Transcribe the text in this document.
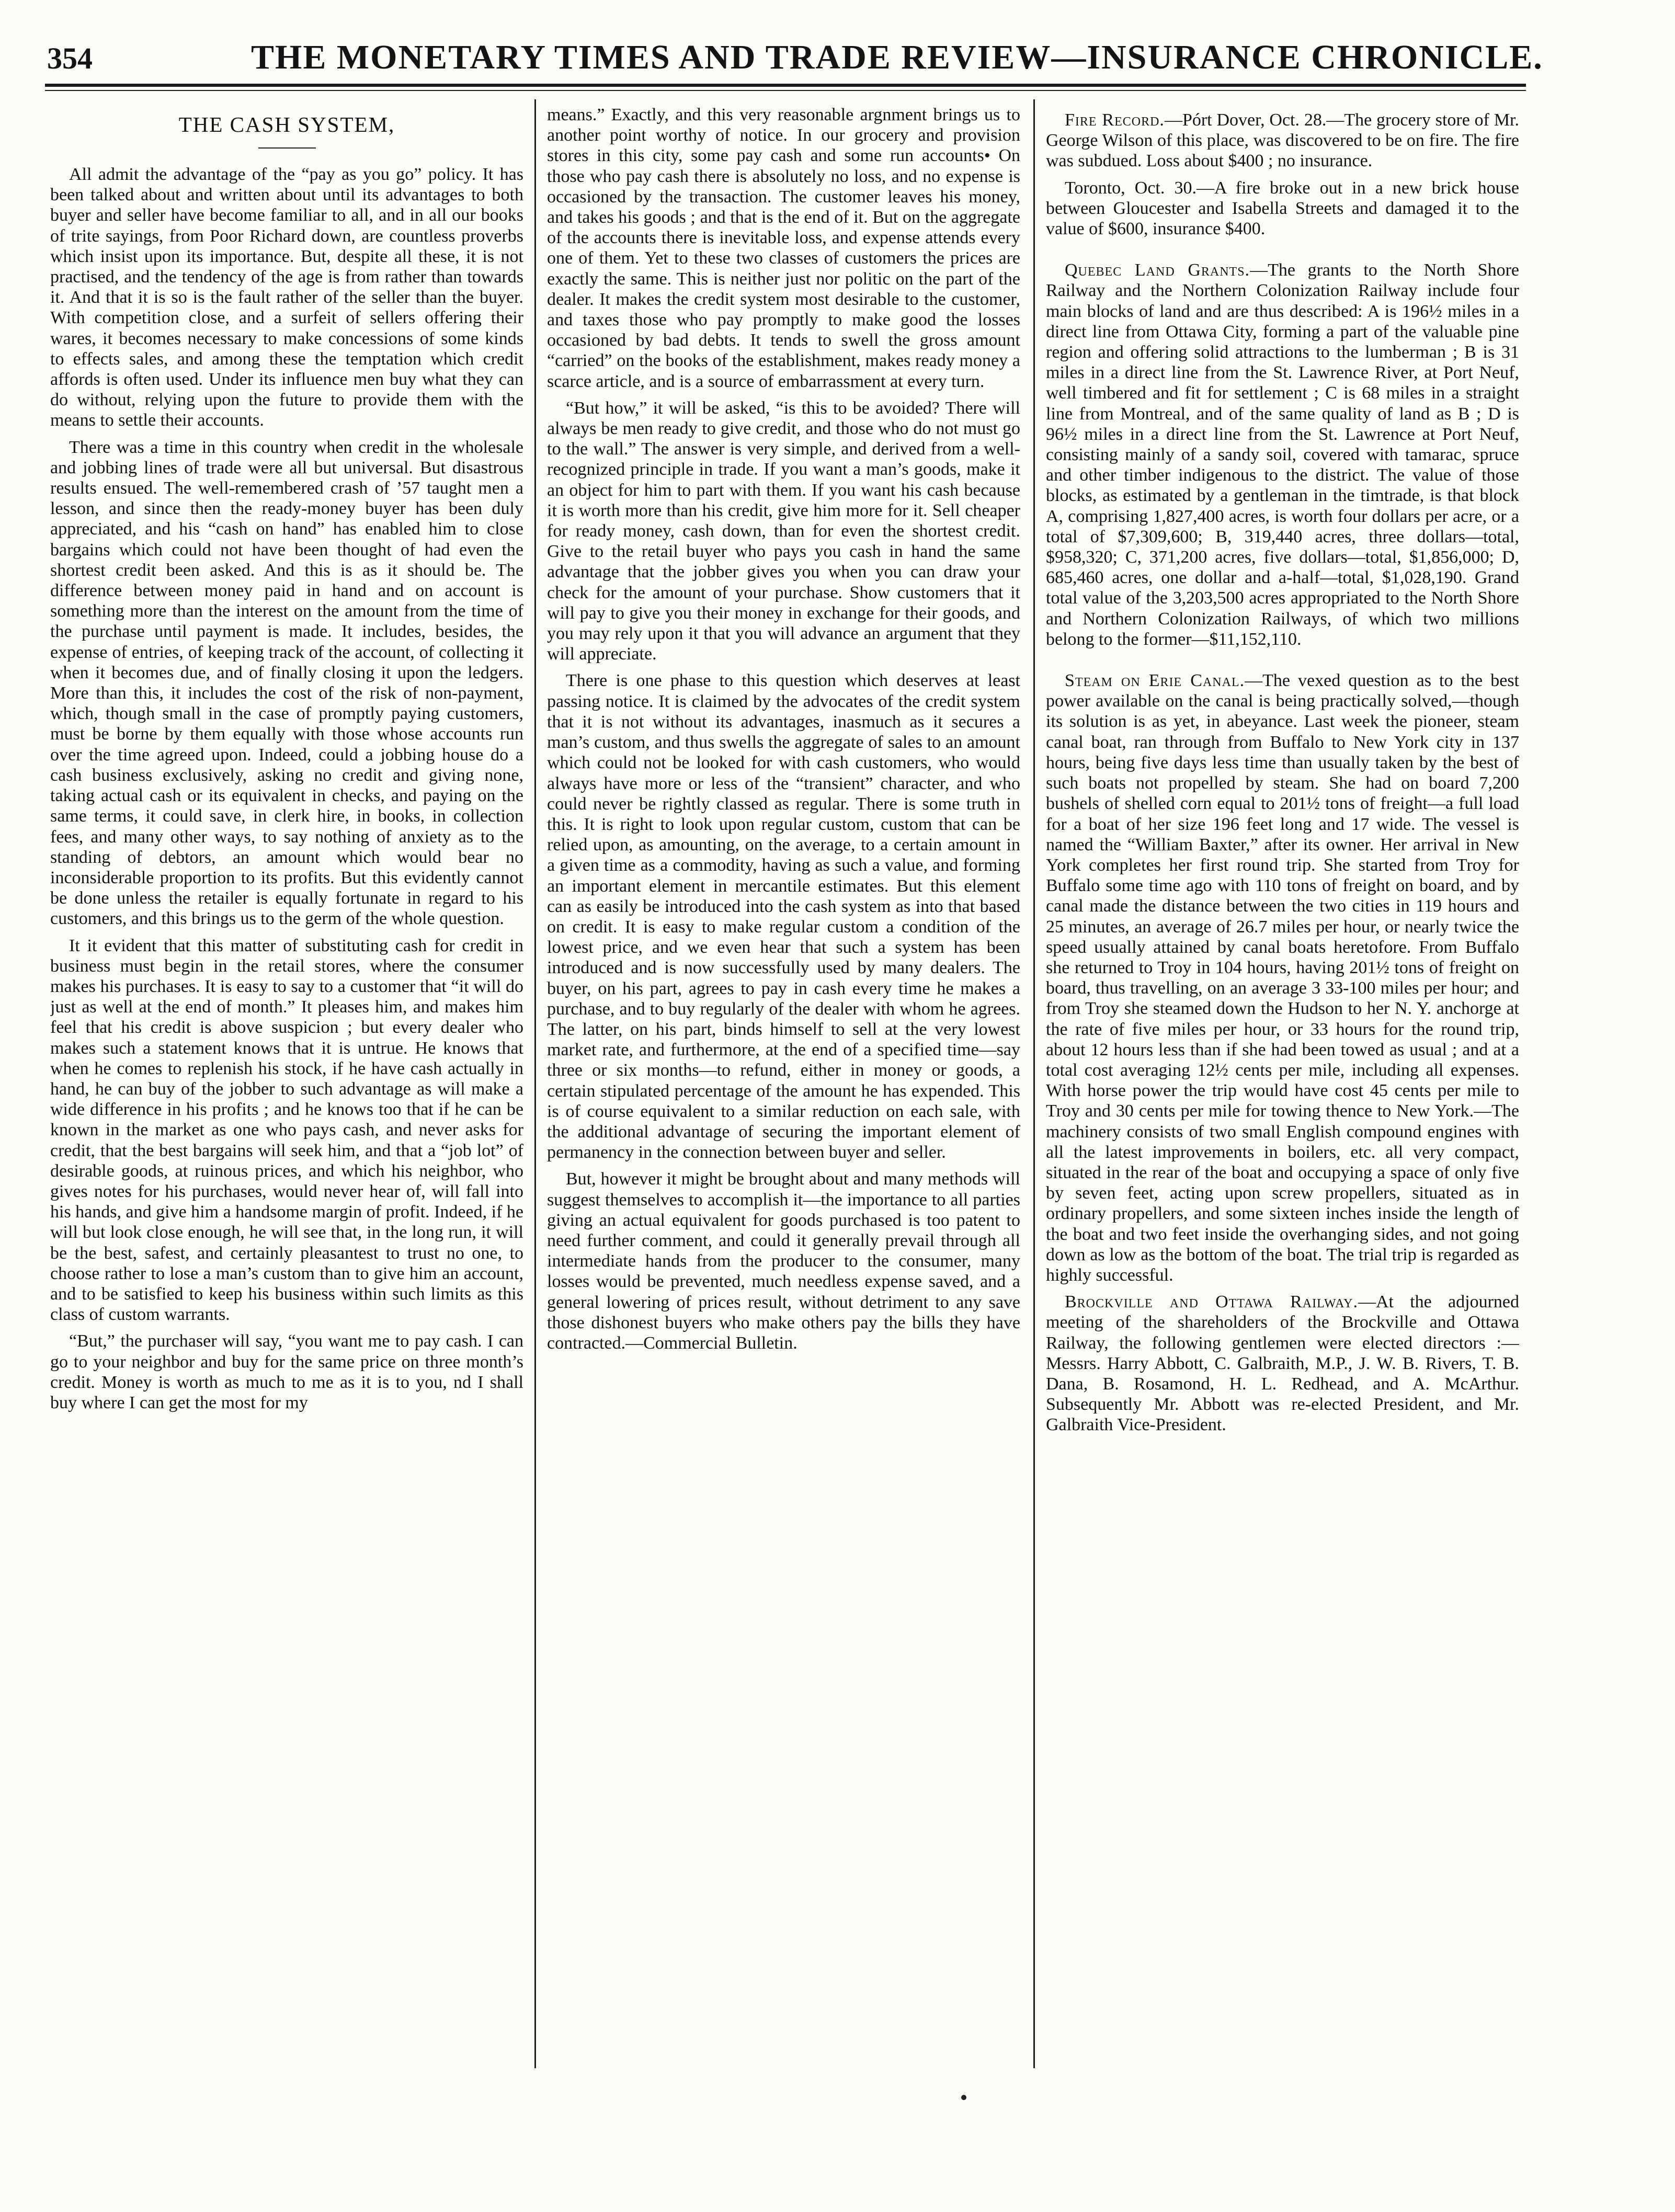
354	THE MONETARY TIMES AND TRADE REVIEW—INSURANCE CHRONICLE.
THE CASH SYSTEM,

All admit the advantage of the “pay as you go” policy. It has been talked about and written about until its advantages to both buyer and seller have become familiar to all, and in all our books of trite sayings, from Poor Richard down, are countless proverbs which insist upon its importance. But, despite all these, it is not practised, and the tendency of the age is from rather than towards it. And that it is so is the fault rather of the seller than the buyer. With competition close, and a surfeit of sellers offering their wares, it becomes necessary to make concessions of some kinds to effects sales, and among these the temptation which credit affords is often used. Under its influence men buy what they can do without, relying upon the future to provide them with the means to settle their accounts.

There was a time in this country when credit in the wholesale and jobbing lines of trade were all but universal. But disastrous results ensued. The well-remembered crash of ’57 taught men a lesson, and since then the ready-money buyer has been duly appreciated, and his “cash on hand” has enabled him to close bargains which could not have been thought of had even the shortest credit been asked. And this is as it should be. The difference between money paid in hand and on account is something more than the interest on the amount from the time of the purchase until payment is made. It includes, besides, the expense of entries, of keeping track of the account, of collecting it when it becomes due, and of finally closing it upon the ledgers. More than this, it includes the cost of the risk of non-payment, which, though small in the case of promptly paying customers, must be borne by them equally with those whose accounts run over the time agreed upon. Indeed, could a jobbing house do a cash business exclusively, asking no credit and giving none, taking actual cash or its equivalent in checks, and paying on the same terms, it could save, in clerk hire, in books, in collection fees, and many other ways, to say nothing of anxiety as to the standing of debtors, an amount which would bear no inconsiderable proportion to its profits. But this evidently cannot be done unless the retailer is equally fortunate in regard to his customers, and this brings us to the germ of the whole question.

It it evident that this matter of substituting cash for credit in business must begin in the retail stores, where the consumer makes his purchases. It is easy to say to a customer that “it will do just as well at the end of month.” It pleases him, and makes him feel that his credit is above suspicion ; but every dealer who makes such a statement knows that it is untrue. He knows that when he comes to replenish his stock, if he have cash actually in hand, he can buy of the jobber to such advantage as will make a wide difference in his profits ; and he knows too that if he can be known in the market as one who pays cash, and never asks for credit, that the best bargains will seek him, and that a “job lot” of desirable goods, at ruinous prices, and which his neighbor, who gives notes for his purchases, would never hear of, will fall into his hands, and give him a handsome margin of profit. Indeed, if he will but look close enough, he will see that, in the long run, it will be the best, safest, and certainly pleasantest to trust no one, to choose rather to lose a man’s custom than to give him an account, and to be satisfied to keep his business within such limits as this class of custom warrants.

“But,” the purchaser will say, “you want me to pay cash. I can go to your neighbor and buy for the same price on three month’s credit. Money is worth as much to me as it is to you, nd I shall buy where I can get the most for my

means.” Exactly, and this very reasonable argnment brings us to another point worthy of notice. In our grocery and provision stores in this city, some pay cash and some run accounts• On those who pay cash there is absolutely no loss, and no expense is occasioned by the transaction. The customer leaves his money, and takes his goods ; and that is the end of it. But on the aggregate of the accounts there is inevitable loss, and expense attends every one of them. Yet to these two classes of customers the prices are exactly the same. This is neither just nor politic on the part of the dealer. It makes the credit system most desirable to the customer, and taxes those who pay promptly to make good the losses occasioned by bad debts. It tends to swell the gross amount “carried” on the books of the establishment, makes ready money a scarce article, and is a source of embarrassment at every turn.

“But how,” it will be asked, “is this to be avoided? There will always be men ready to give credit, and those who do not must go to the wall.” The answer is very simple, and derived from a well-recognized principle in trade. If you want a man’s goods, make it an object for him to part with them. If you want his cash because it is worth more than his credit, give him more for it. Sell cheaper for ready money, cash down, than for even the shortest credit. Give to the retail buyer who pays you cash in hand the same advantage that the jobber gives you when you can draw your check for the amount of your purchase. Show customers that it will pay to give you their money in exchange for their goods, and you may rely upon it that you will advance an argument that they will appreciate.

There is one phase to this question which deserves at least passing notice. It is claimed by the advocates of the credit system that it is not without its advantages, inasmuch as it secures a man’s custom, and thus swells the aggregate of sales to an amount which could not be looked for with cash customers, who would always have more or less of the “transient” character, and who could never be rightly classed as regular. There is some truth in this. It is right to look upon regular custom, custom that can be relied upon, as amounting, on the average, to a certain amount in a given time as a commodity, having as such a value, and forming an important element in mercantile estimates. But this element can as easily be introduced into the cash system as into that based on credit. It is easy to make regular custom a condition of the lowest price, and we even hear that such a system has been introduced and is now successfully used by many dealers. The buyer, on his part, agrees to pay in cash every time he makes a purchase, and to buy regularly of the dealer with whom he agrees. The latter, on his part, binds himself to sell at the very lowest market rate, and furthermore, at the end of a specified time—say three or six months—to refund, either in money or goods, a certain stipulated percentage of the amount he has expended. This is of course equivalent to a similar reduction on each sale, with the additional advantage of securing the important element of permanency in the connection between buyer and seller.

But, however it might be brought about and many methods will suggest themselves to accomplish it—the importance to all parties giving an actual equivalent for goods purchased is too patent to need further comment, and could it generally prevail through all intermediate hands from the producer to the consumer, many losses would be prevented, much needless expense saved, and a general lowering of prices result, without detriment to any save those dishonest buyers who make others pay the bills they have contracted.—Commercial Bulletin.

Fire Record.—Pórt Dover, Oct. 28.—The grocery store of Mr. George Wilson of this place, was discovered to be on fire. The fire was subdued. Loss about $400 ; no insurance.

Toronto, Oct. 30.—A fire broke out in a new brick house between Gloucester and Isabella Streets and damaged it to the value of $600, insurance $400.

Quebec Land Grants.—The grants to the North Shore Railway and the Northern Colonization Railway include four main blocks of land and are thus described: A is 196½ miles in a direct line from Ottawa City, forming a part of the valuable pine region and offering solid attractions to the lumberman ; B is 31 miles in a direct line from the St. Lawrence River, at Port Neuf, well timbered and fit for settlement ; C is 68 miles in a straight line from Montreal, and of the same quality of land as B ; D is 96½ miles in a direct line from the St. Lawrence at Port Neuf, consisting mainly of a sandy soil, covered with tamarac, spruce and other timber indigenous to the district. The value of those blocks, as estimated by a gentleman in the timtrade, is that block A, comprising 1,827,400 acres, is worth four dollars per acre, or a total of $7,309,600; B, 319,440 acres, three dollars—total, $958,320; C, 371,200 acres, five dollars—total, $1,856,000; D, 685,460 acres, one dollar and a-half—total, $1,028,190. Grand total value of the 3,203,500 acres appropriated to the North Shore and Northern Colonization Railways, of which two millions belong to the former—$11,152,110.

Steam on Erie Canal.—The vexed question as to the best power available on the canal is being practically solved,—though its solution is as yet, in abeyance. Last week the pioneer, steam canal boat, ran through from Buffalo to New York city in 137 hours, being five days less time than usually taken by the best of such boats not propelled by steam. She had on board 7,200 bushels of shelled corn equal to 201½ tons of freight—a full load for a boat of her size 196 feet long and 17 wide. The vessel is named the “William Baxter,” after its owner. Her arrival in New York completes her first round trip. She started from Troy for Buffalo some time ago with 110 tons of freight on board, and by canal made the distance between the two cities in 119 hours and 25 minutes, an average of 26.7 miles per hour, or nearly twice the speed usually attained by canal boats heretofore. From Buffalo she returned to Troy in 104 hours, having 201½ tons of freight on board, thus travelling, on an average 3 33-100 miles per hour; and from Troy she steamed down the Hudson to her N. Y. anchorge at the rate of five miles per hour, or 33 hours for the round trip, about 12 hours less than if she had been towed as usual ; and at a total cost averaging 12½ cents per mile, including all expenses. With horse power the trip would have cost 45 cents per mile to Troy and 30 cents per mile for towing thence to New York.—The machinery consists of two small English compound engines with all the latest improvements in boilers, etc. all very compact, situated in the rear of the boat and occupying a space of only five by seven feet, acting upon screw propellers, situated as in ordinary propellers, and some sixteen inches inside the length of the boat and two feet inside the overhanging sides, and not going down as low as the bottom of the boat. The trial trip is regarded as highly successful.

Brockville and Ottawa Railway.—At the adjourned meeting of the shareholders of the Brockville and Ottawa Railway, the following gentlemen were elected directors :—Messrs. Harry Abbott, C. Galbraith, M.P., J. W. B. Rivers, T. B. Dana, B. Rosamond, H. L. Redhead, and A. McArthur. Subsequently Mr. Abbott was re-elected President, and Mr. Galbraith Vice-President.
